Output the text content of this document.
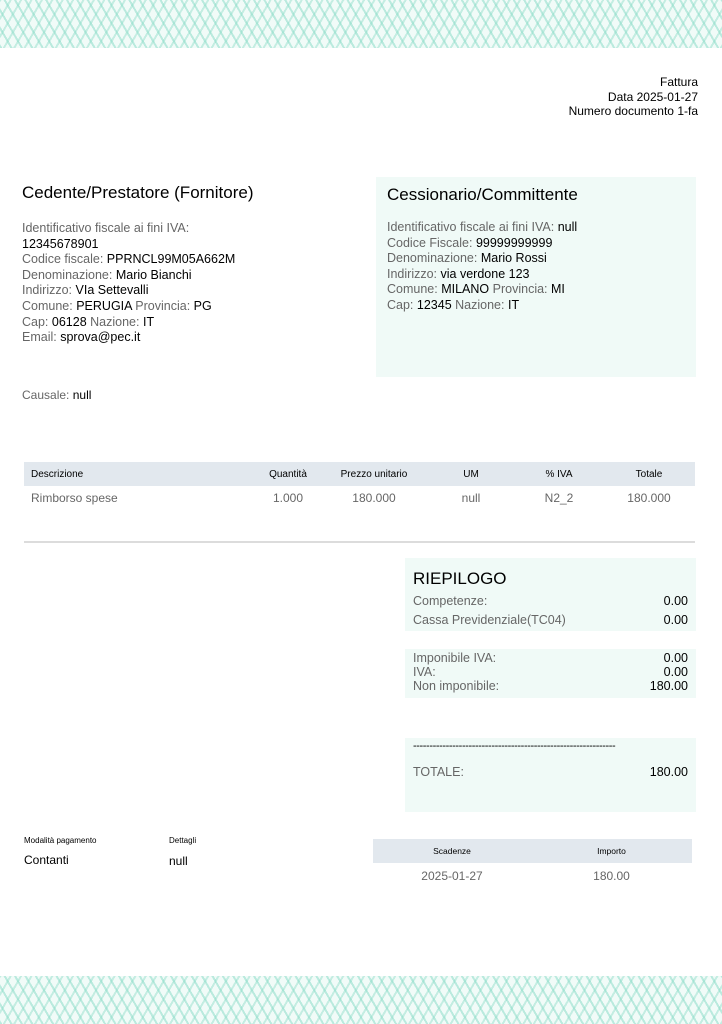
Fattura
Data 2025-01-27
Numero documento 1-fa
Cedente/Prestatore (Fornitore)
Identificativo fiscale ai fini IVA:
12345678901
Codice fiscale: PPRNCL99M05A662M
Denominazione: Mario Bianchi
Indirizzo: VIa Settevalli
Comune: PERUGIA Provincia: PG
Cap: 06128 Nazione: IT
Email: sprova@pec.it
Cessionario/Committente
Identificativo fiscale ai fini IVA: null
Codice Fiscale: 99999999999
Denominazione: Mario Rossi
Indirizzo: via verdone 123
Comune: MILANO Provincia: MI
Cap: 12345 Nazione: IT
Causale: null
Descrizione	Quantità	Prezzo unitario	UM	% IVA	Totale
Rimborso spese	1.000	180.000	null	N2_2	180.000
RIEPILOGO
Competenze:	0.00
Cassa Previdenziale(TC04)	0.00
Imponibile IVA:	0.00
IVA:	0.00
Non imponibile:	180.00
--------------------------------------------------------------
TOTALE:	180.00
Modalità pagamento
Contanti
Dettagli
null
Scadenze	Importo
2025-01-27	180.00
